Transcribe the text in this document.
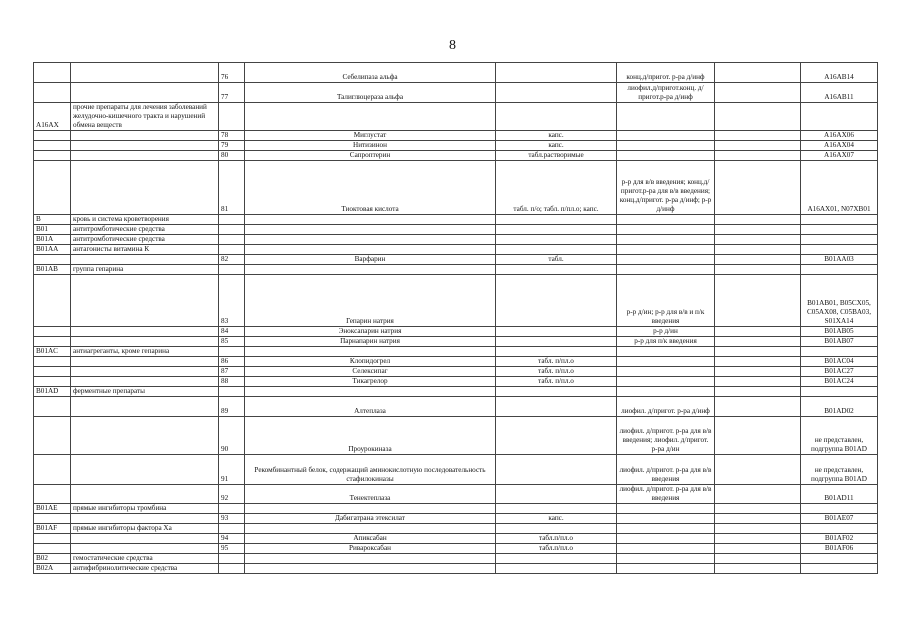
8
		76	Себелипаза альфа		конц.д/пригот. р-ра д/инф		A16AB14
		77	Талиглюцераза альфа		лиофил.д/пригот.конц. д/пригот.р-ра д/инф		A16AB11
A16AX	прочие препараты для лечения заболеваний желудочно-кишечного тракта и нарушений обмена веществ						
		78	Миглустат	капс.			A16AX06
		79	Нитизинон	капс.			A16AX04
		80	Сапроптерин	табл.растворимые			A16AX07
		81	Тиоктовая кислота	табл. п/о; табл. п/пл.о; капс.	р-р для в/в введения; конц.д/пригот.р-ра для в/в введения; конц.д/пригот. р-ра д/инф; р-р д/инф		A16AX01, N07XB01
B	кровь и система кроветворения						
B01	антитромботические средства						
B01A	антитромботические средства						
B01AA	антагонисты витамина К						
		82	Варфарин	табл.			B01AA03
B01AB	группа гепарина						
		83	Гепарин натрия		р-р д/ин; р-р для в/в и п/к введения		B01AB01, B05CX05, C05AX08, C05BA03, S01XA14
		84	Эноксапарин натрия		р-р д/ин		B01AB05
		85	Парнапарин натрия		р-р для п/к введения		B01AB07
B01AC	антиагреганты, кроме гепарина						
		86	Клопидогрел	табл. п/пл.о			B01AC04
		87	Селексипаг	табл. п/пл.о			B01AC27
		88	Тикагрелор	табл. п/пл.о			B01AC24
B01AD	ферментные препараты						
		89	Алтеплаза		лиофил. д/пригот. р-ра д/инф		B01AD02
		90	Проурокиназа		лиофил. д/пригот. р-ра для в/в введения; лиофил. д/пригот. р-ра д/ин		не представлен, подгруппа B01AD
		91	Рекомбинантный белок, содержащий аминокислотную последовательность стафилокиназы		лиофил. д/пригот. р-ра для в/в введения		не представлен, подгруппа B01AD
		92	Тенектеплаза		лиофил. д/пригот. р-ра для в/в введения		B01AD11
B01AE	прямые ингибиторы тромбина						
		93	Дабигатрана этексилат	капс.			B01AE07
B01AF	прямые ингибиторы фактора Xa						
		94	Апиксабан	табл.п/пл.о			B01AF02
		95	Ривароксабан	табл.п/пл.о			B01AF06
B02	гемостатические средства						
B02A	антифибринолитические средства						
